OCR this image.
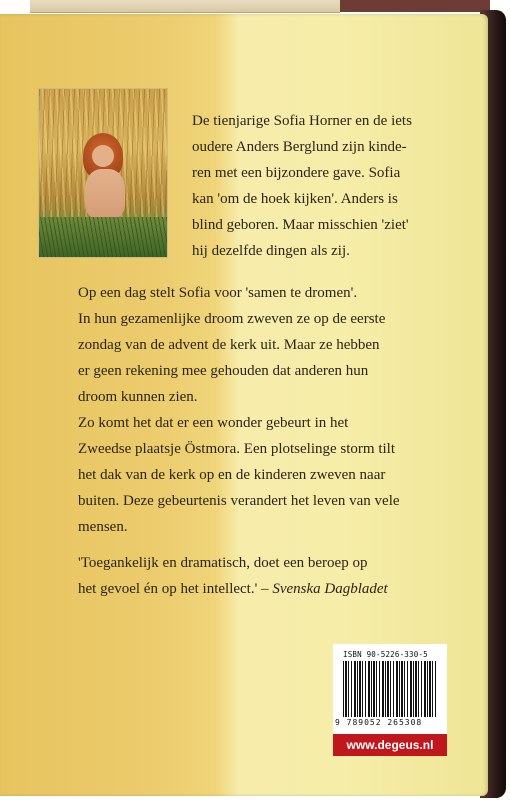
De tienjarige Sofia Horner en de iets
oudere Anders Berglund zijn kinde-
ren met een bijzondere gave. Sofia
kan 'om de hoek kijken'. Anders is
blind geboren. Maar misschien 'ziet'
hij dezelfde dingen als zij.

Op een dag stelt Sofia voor 'samen te dromen'.
In hun gezamenlijke droom zweven ze op de eerste
zondag van de advent de kerk uit. Maar ze hebben
er geen rekening mee gehouden dat anderen hun
droom kunnen zien.
Zo komt het dat er een wonder gebeurt in het
Zweedse plaatsje Östmora. Een plotselinge storm tilt
het dak van de kerk op en de kinderen zweven naar
buiten. Deze gebeurtenis verandert het leven van vele
mensen.

'Toegankelijk en dramatisch, doet een beroep op
het gevoel én op het intellect.' – Svenska Dagbladet

ISBN 90-5226-330-5
9 789052 265308
www.degeus.nl
